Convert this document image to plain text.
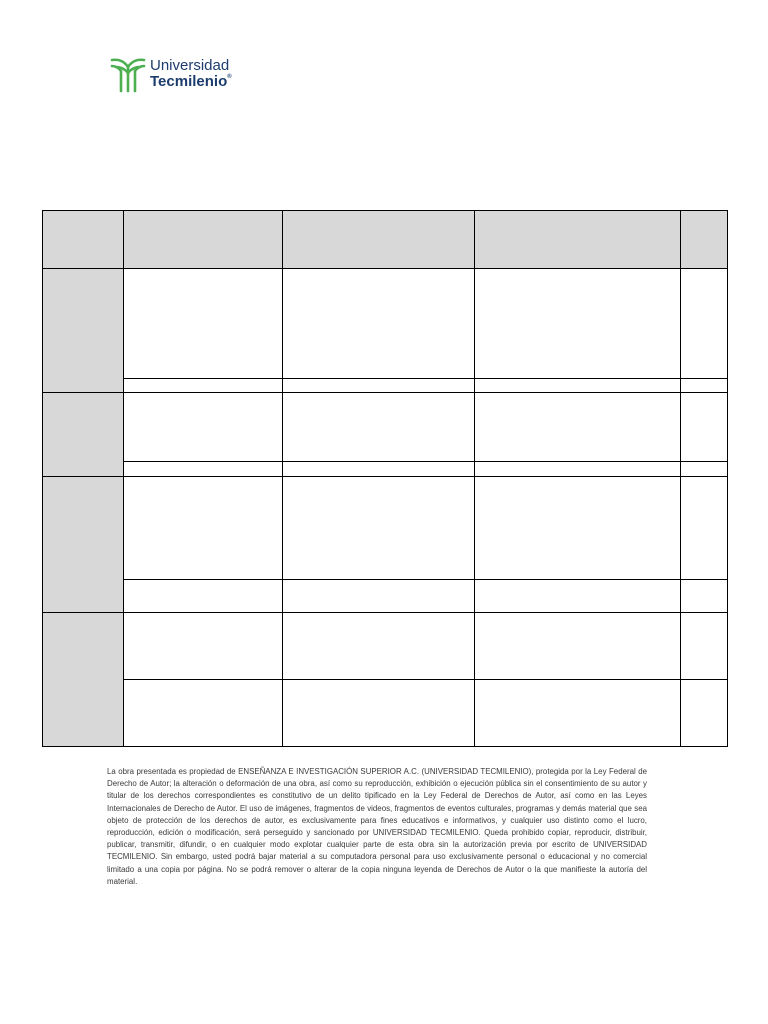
Universidad
Tecmilenio®

La obra presentada es propiedad de ENSEÑANZA E INVESTIGACIÓN SUPERIOR A.C. (UNIVERSIDAD TECMILENIO), protegida por la Ley Federal de Derecho de Autor; la alteración o deformación de una obra, así como su reproducción, exhibición o ejecución pública sin el consentimiento de su autor y titular de los derechos correspondientes es constitutivo de un delito tipificado en la Ley Federal de Derechos de Autor, así como en las Leyes Internacionales de Derecho de Autor. El uso de imágenes, fragmentos de videos, fragmentos de eventos culturales, programas y demás material que sea objeto de protección de los derechos de autor, es exclusivamente para fines educativos e informativos, y cualquier uso distinto como el lucro, reproducción, edición o modificación, será perseguido y sancionado por UNIVERSIDAD TECMILENIO. Queda prohibido copiar, reproducir, distribuir, publicar, transmitir, difundir, o en cualquier modo explotar cualquier parte de esta obra sin la autorización previa por escrito de UNIVERSIDAD TECMILENIO. Sin embargo, usted podrá bajar material a su computadora personal para uso exclusivamente personal o educacional y no comercial limitado a una copia por página. No se podrá remover o alterar de la copia ninguna leyenda de Derechos de Autor o la que manifieste la autoría del material.
